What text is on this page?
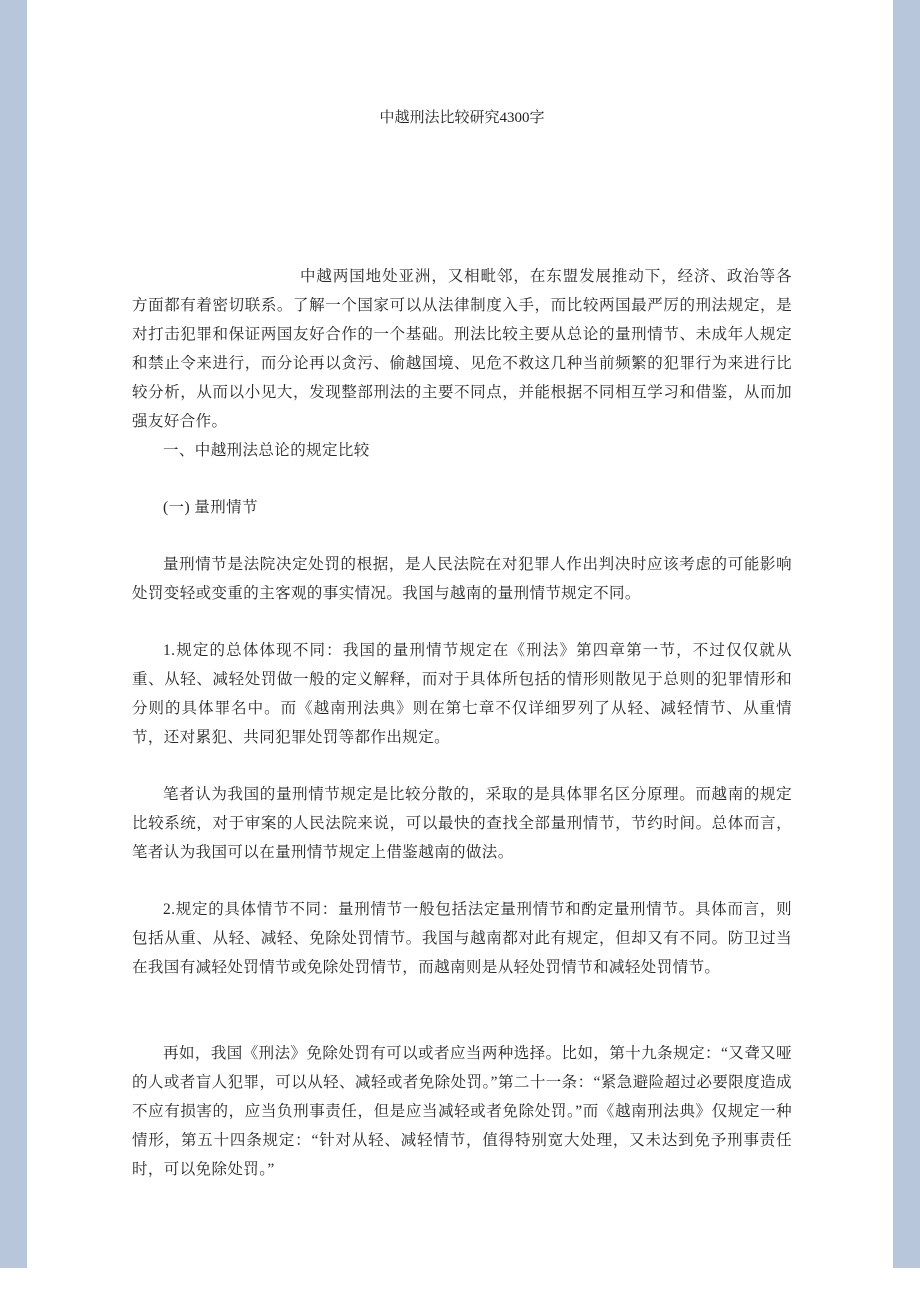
中越刑法比较研究4300字

中越两国地处亚洲，又相毗邻，在东盟发展推动下，经济、政治等各方面都有着密切联系。了解一个国家可以从法律制度入手，而比较两国最严厉的刑法规定，是对打击犯罪和保证两国友好合作的一个基础。刑法比较主要从总论的量刑情节、未成年人规定和禁止令来进行，而分论再以贪污、偷越国境、见危不救这几种当前频繁的犯罪行为来进行比较分析，从而以小见大，发现整部刑法的主要不同点，并能根据不同相互学习和借鉴，从而加强友好合作。

一、中越刑法总论的规定比较

(一) 量刑情节

量刑情节是法院决定处罚的根据，是人民法院在对犯罪人作出判决时应该考虑的可能影响处罚变轻或变重的主客观的事实情况。我国与越南的量刑情节规定不同。

1.规定的总体体现不同：我国的量刑情节规定在《刑法》第四章第一节，不过仅仅就从重、从轻、减轻处罚做一般的定义解释，而对于具体所包括的情形则散见于总则的犯罪情形和分则的具体罪名中。而《越南刑法典》则在第七章不仅详细罗列了从轻、减轻情节、从重情节，还对累犯、共同犯罪处罚等都作出规定。

笔者认为我国的量刑情节规定是比较分散的，采取的是具体罪名区分原理。而越南的规定比较系统，对于审案的人民法院来说，可以最快的查找全部量刑情节，节约时间。总体而言，笔者认为我国可以在量刑情节规定上借鉴越南的做法。

2.规定的具体情节不同：量刑情节一般包括法定量刑情节和酌定量刑情节。具体而言，则包括从重、从轻、减轻、免除处罚情节。我国与越南都对此有规定，但却又有不同。防卫过当在我国有减轻处罚情节或免除处罚情节，而越南则是从轻处罚情节和减轻处罚情节。

再如，我国《刑法》免除处罚有可以或者应当两种选择。比如，第十九条规定：“又聋又哑的人或者盲人犯罪，可以从轻、减轻或者免除处罚。”第二十一条：“紧急避险超过必要限度造成不应有损害的，应当负刑事责任，但是应当减轻或者免除处罚。”而《越南刑法典》仅规定一种情形，第五十四条规定：“针对从轻、减轻情节，值得特别宽大处理，又未达到免予刑事责任时，可以免除处罚。”
